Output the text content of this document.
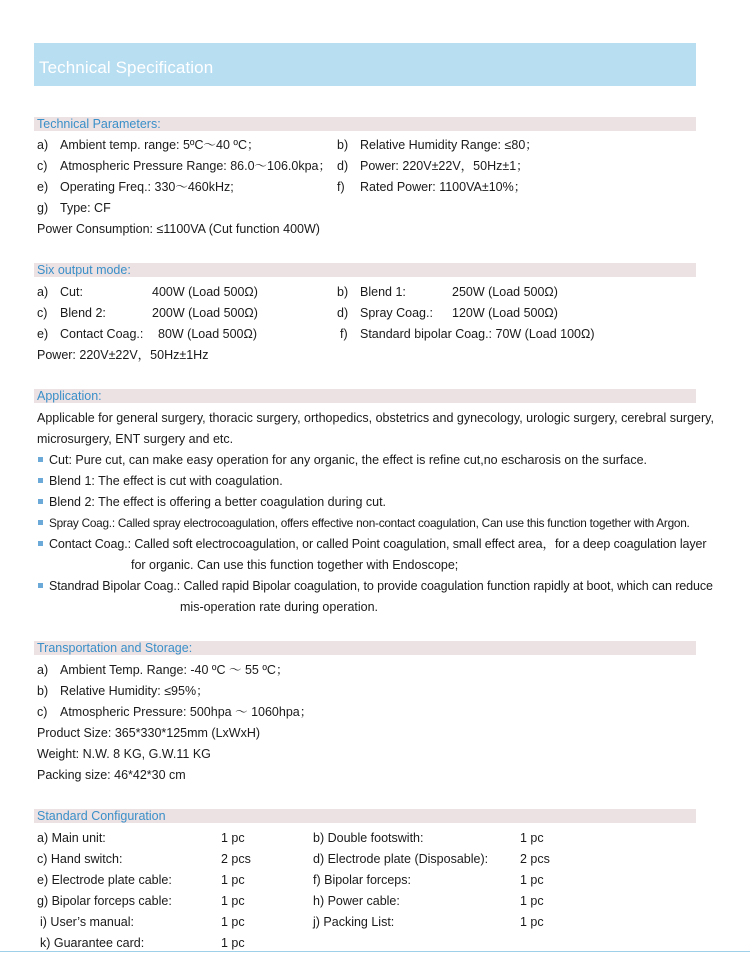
Technical Specification
Technical Parameters:
a) Ambient temp. range: 5ºC～40 ºC；	b) Relative Humidity Range: ≤80；
c) Atmospheric Pressure Range: 86.0～106.0kpa； d) Power: 220V±22V，50Hz±1；
e) Operating Freq.: 330～460kHz;	f) Rated Power: 1100VA±10%；
g) Type: CF
Power Consumption: ≤1100VA (Cut function 400W)
Six output mode:
a) Cut:	400W (Load 500Ω)	b) Blend 1:	250W (Load 500Ω)
c) Blend 2:	200W (Load 500Ω)	d) Spray Coag.: 120W (Load 500Ω)
e) Contact Coag.: 80W (Load 500Ω)	f) Standard bipolar Coag.: 70W (Load 100Ω)
Power: 220V±22V，50Hz±1Hz
Application:
Applicable for general surgery, thoracic surgery, orthopedics, obstetrics and gynecology, urologic surgery, cerebral surgery,
microsurgery, ENT surgery and etc.
Cut: Pure cut, can make easy operation for any organic, the effect is refine cut,no escharosis on the surface.
Blend 1: The effect is cut with coagulation.
Blend 2: The effect is offering a better coagulation during cut.
Spray Coag.: Called spray electrocoagulation, offers effective non-contact coagulation, Can use this function together with Argon.
Contact Coag.: Called soft electrocoagulation, or called Point coagulation, small effect area，for a deep coagulation layer
for organic. Can use this function together with Endoscope;
Standrad Bipolar Coag.: Called rapid Bipolar coagulation, to provide coagulation function rapidly at boot, which can reduce
mis-operation rate during operation.
Transportation and Storage:
a) Ambient Temp. Range: -40 ºC ～ 55 ºC；
b) Relative Humidity: ≤95%；
c) Atmospheric Pressure: 500hpa ～ 1060hpa；
Product Size: 365*330*125mm (LxWxH)
Weight: N.W. 8 KG, G.W.11 KG
Packing size: 46*42*30 cm
Standard Configuration
a) Main unit:	1 pc	b) Double footswith:	1 pc
c) Hand switch:	2 pcs	d) Electrode plate (Disposable):	2 pcs
e) Electrode plate cable:	1 pc	f) Bipolar forceps:	1 pc
g) Bipolar forceps cable:	1 pc	h) Power cable:	1 pc
i) User’s manual:	1 pc	j) Packing List:	1 pc
k) Guarantee card:	1 pc
